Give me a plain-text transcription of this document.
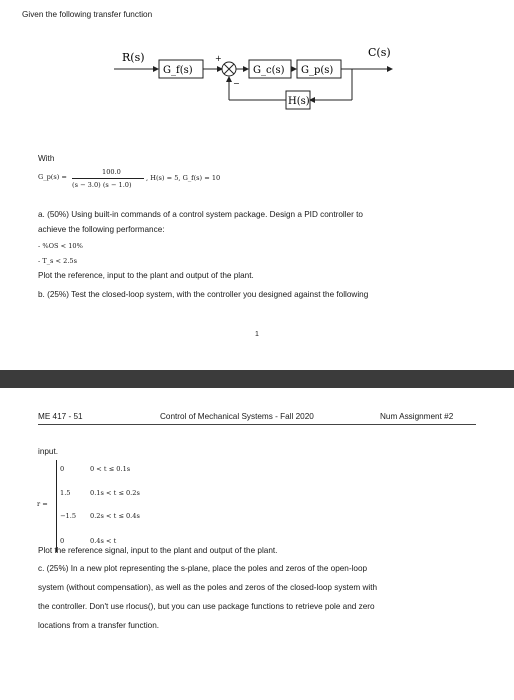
Given the following transfer function
R(s)
G_f(s)
+
−
G_c(s) G_p(s)
C(s)
H(s)
With
G_p(s) =
100.0
(s − 3.0) (s − 1.0)
, H(s) = 5, G_f(s) = 10
a. (50%) Using built-in commands of a control system package. Design a PID controller to
achieve the following performance:
- %OS < 10%
- T_s < 2.5s
Plot the reference, input to the plant and output of the plant.
b. (25%) Test the closed-loop system, with the controller you designed against the following
1
ME 417 - 51	Control of Mechanical Systems - Fall 2020	Num Assignment #2
input.
r =
0	0 < t ≤ 0.1s
1.5	0.1s < t ≤ 0.2s
−1.5 0.2s < t ≤ 0.4s
0	0.4s < t
Plot the reference signal, input to the plant and output of the plant.
c. (25%) In a new plot representing the s-plane, place the poles and zeros of the open-loop
system (without compensation), as well as the poles and zeros of the closed-loop system with
the controller. Don't use rlocus(), but you can use package functions to retrieve pole and zero
locations from a transfer function.
